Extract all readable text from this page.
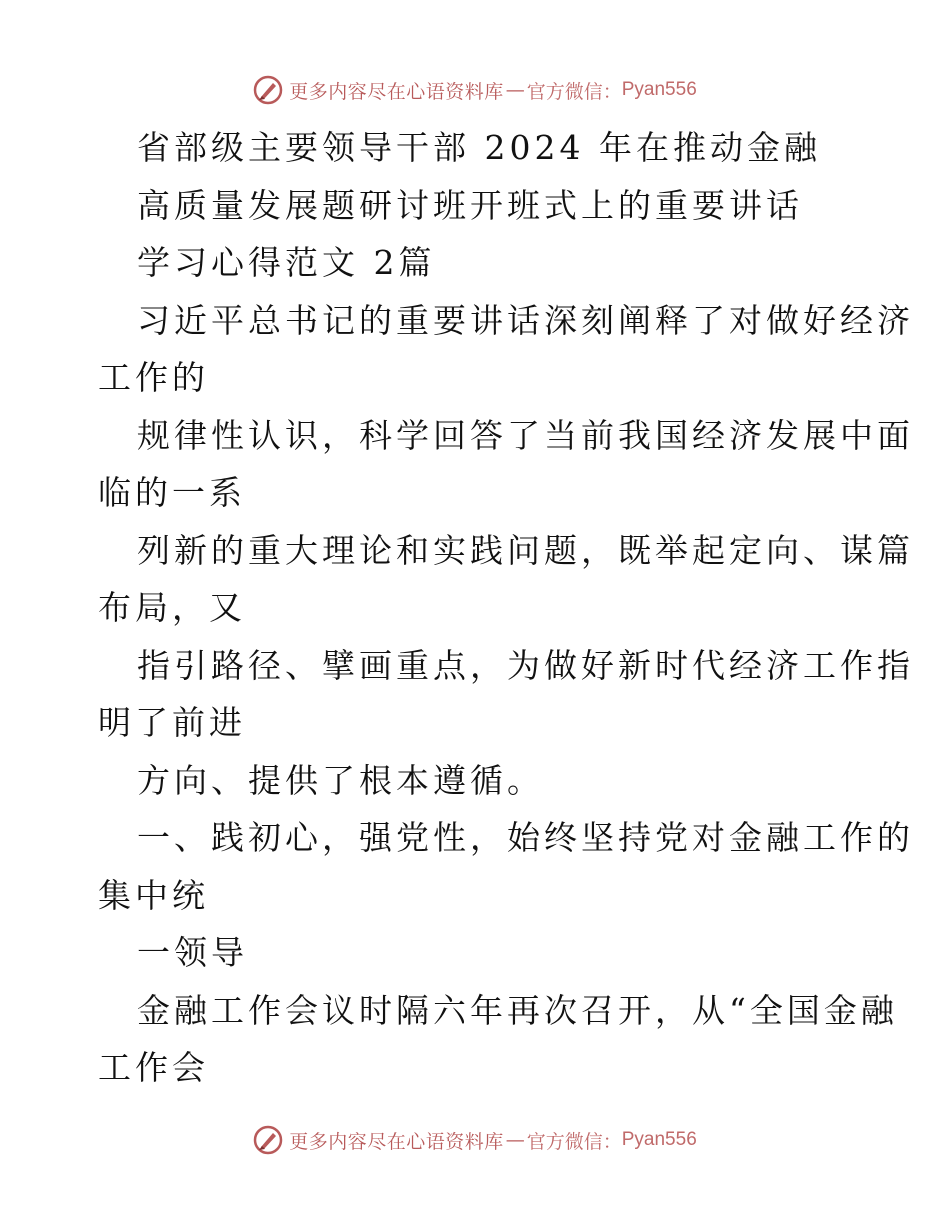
更多内容尽在心语资料库 — 官方微信： Pyan556
省部级主要领导干部 2024 年在推动金融
高质量发展题研讨班开班式上的重要讲话
学习心得范文 2篇
习近平总书记的重要讲话深刻阐释了对做好经济
工作的
规律性认识，科学回答了当前我国经济发展中面
临的一系
列新的重大理论和实践问题，既举起定向、谋篇
布局，又
指引路径、擘画重点，为做好新时代经济工作指
明了前进
方向、提供了根本遵循。
一、践初心，强党性，始终坚持党对金融工作的
集中统
一领导
金融工作会议时隔六年再次召开，从“全国金融
工作会
更多内容尽在心语资料库 — 官方微信： Pyan556
